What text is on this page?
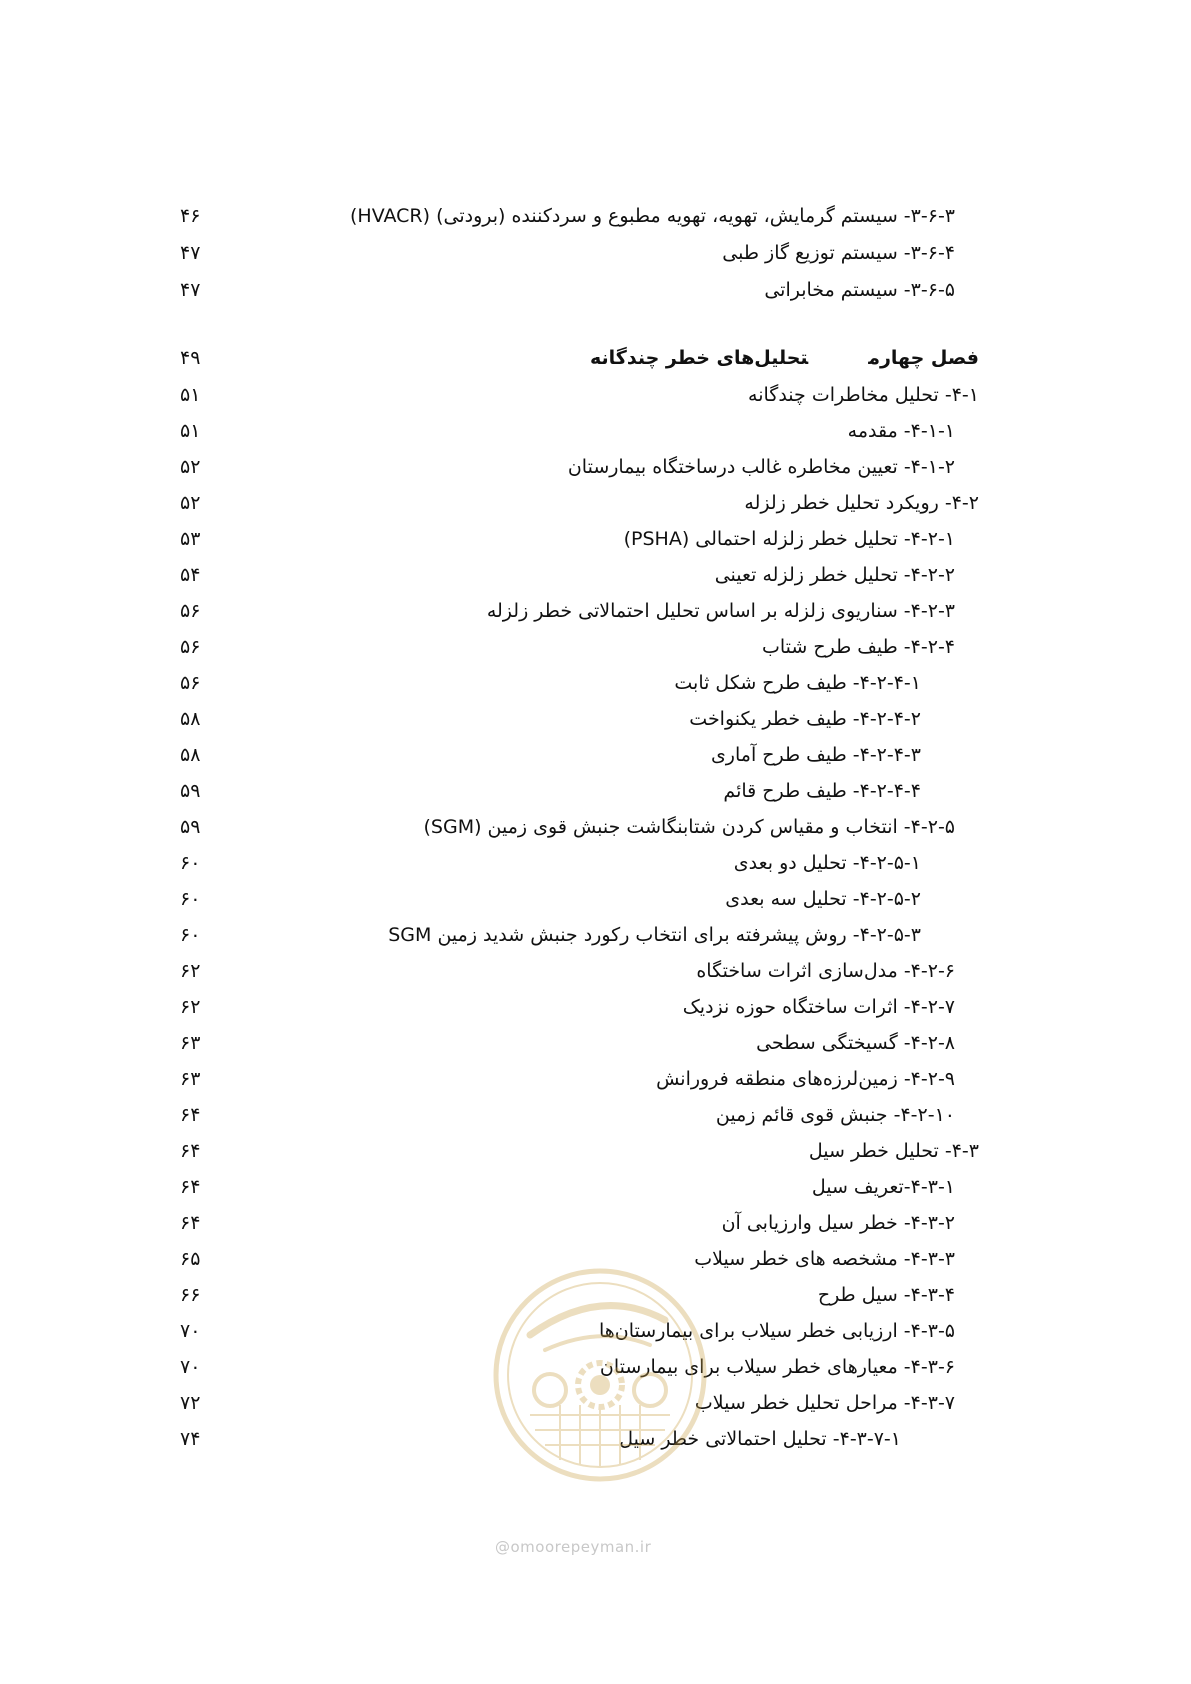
۳-۶-۳- سیستم گرمایش، تهویه، تهویه مطبوع و سردکننده (برودتی) (HVACR)
۴۶
۳-۶-۴- سیستم توزیع گاز طبی
۴۷
۳-۶-۵- سیستم مخابراتی
۴۷
فصل چهارمتحلیل‌های خطر چندگانه
۴۹
۴-۱- تحلیل مخاطرات چندگانه
۵۱
۴-۱-۱- مقدمه
۵۱
۴-۱-۲- تعیین مخاطره غالب درساختگاه بیمارستان
۵۲
۴-۲- رویکرد تحلیل خطر زلزله
۵۲
۴-۲-۱- تحلیل خطر زلزله احتمالی (PSHA)
۵۳
۴-۲-۲- تحلیل خطر زلزله تعینی
۵۴
۴-۲-۳- سناریوی زلزله بر اساس تحلیل احتمالاتی خطر زلزله
۵۶
۴-۲-۴- طیف طرح شتاب
۵۶
۴-۲-۴-۱- طیف طرح شکل ثابت
۵۶
۴-۲-۴-۲- طیف خطر یکنواخت
۵۸
۴-۲-۴-۳- طیف طرح آماری
۵۸
۴-۲-۴-۴- طیف طرح قائم
۵۹
۴-۲-۵- انتخاب و مقیاس کردن شتابنگاشت جنبش قوی زمین (SGM)
۵۹
۴-۲-۵-۱- تحلیل دو بعدی
۶۰
۴-۲-۵-۲- تحلیل سه بعدی
۶۰
۴-۲-۵-۳- روش پیشرفته برای انتخاب رکورد جنبش شدید زمین SGM
۶۰
۴-۲-۶- مدل‌سازی اثرات ساختگاه
۶۲
۴-۲-۷- اثرات ساختگاه حوزه نزدیک
۶۲
۴-۲-۸- گسیختگی سطحی
۶۳
۴-۲-۹- زمین‌لرزه‌های منطقه فرورانش
۶۳
۴-۲-۱۰- جنبش قوی قائم زمین
۶۴
۴-۳- تحلیل خطر سیل
۶۴
۴-۳-۱-تعریف سیل
۶۴
۴-۳-۲- خطر سیل وارزیابی آن
۶۴
۴-۳-۳- مشخصه های خطر سیلاب
۶۵
۴-۳-۴- سیل طرح
۶۶
۴-۳-۵- ارزیابی خطر سیلاب برای بیمارستان‌ها
۷۰
۴-۳-۶- معیارهای خطر سیلاب برای بیمارستان
۷۰
۴-۳-۷- مراحل تحلیل خطر سیلاب
۷۲
۴-۳-۷-۱- تحلیل احتمالاتی خطر سیل
۷۴
@omoorepeyman.ir
